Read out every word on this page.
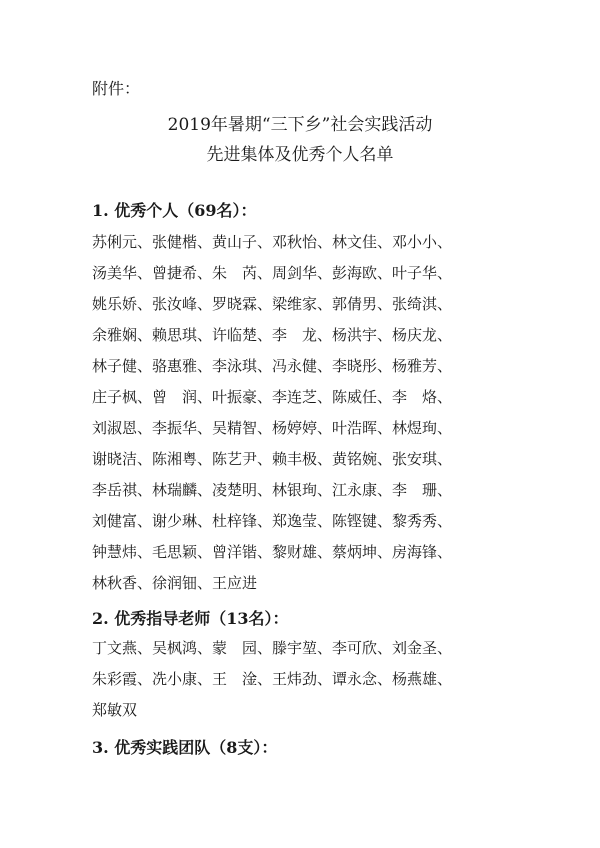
附件：
2019年暑期“三下乡”社会实践活动
先进集体及优秀个人名单
1. 优秀个人（69名）：
苏俐元、张健楷、黄山子、邓秋怡、林文佳、邓小小、
汤美华、曾捷希、朱　芮、周剑华、彭海欧、叶子华、
姚乐娇、张汝峰、罗晓霖、梁维家、郭倩男、张绮淇、
余雅娴、赖思琪、许临楚、李　龙、杨洪宇、杨庆龙、
林子健、骆惠雅、李泳琪、冯永健、李晓彤、杨雅芳、
庄子枫、曾　润、叶振豪、李连芝、陈威任、李　烙、
刘淑恩、李振华、吴精智、杨婷婷、叶浩晖、林煜珣、
谢晓洁、陈湘粤、陈艺尹、赖丰极、黄铭婉、张安琪、
李岳祺、林瑞麟、凌楚明、林银珣、江永康、李　珊、
刘健富、谢少琳、杜梓锋、郑逸莹、陈铿键、黎秀秀、
钟慧炜、毛思颖、曾洋锴、黎财雄、蔡炳坤、房海锋、
林秋香、徐润钿、王应进
2. 优秀指导老师（13名）：
丁文燕、吴枫鸿、蒙　园、滕宇堃、李可欣、刘金圣、
朱彩霞、冼小康、王　淦、王炜劲、谭永念、杨燕雄、
郑敏双
3. 优秀实践团队（8支）：
